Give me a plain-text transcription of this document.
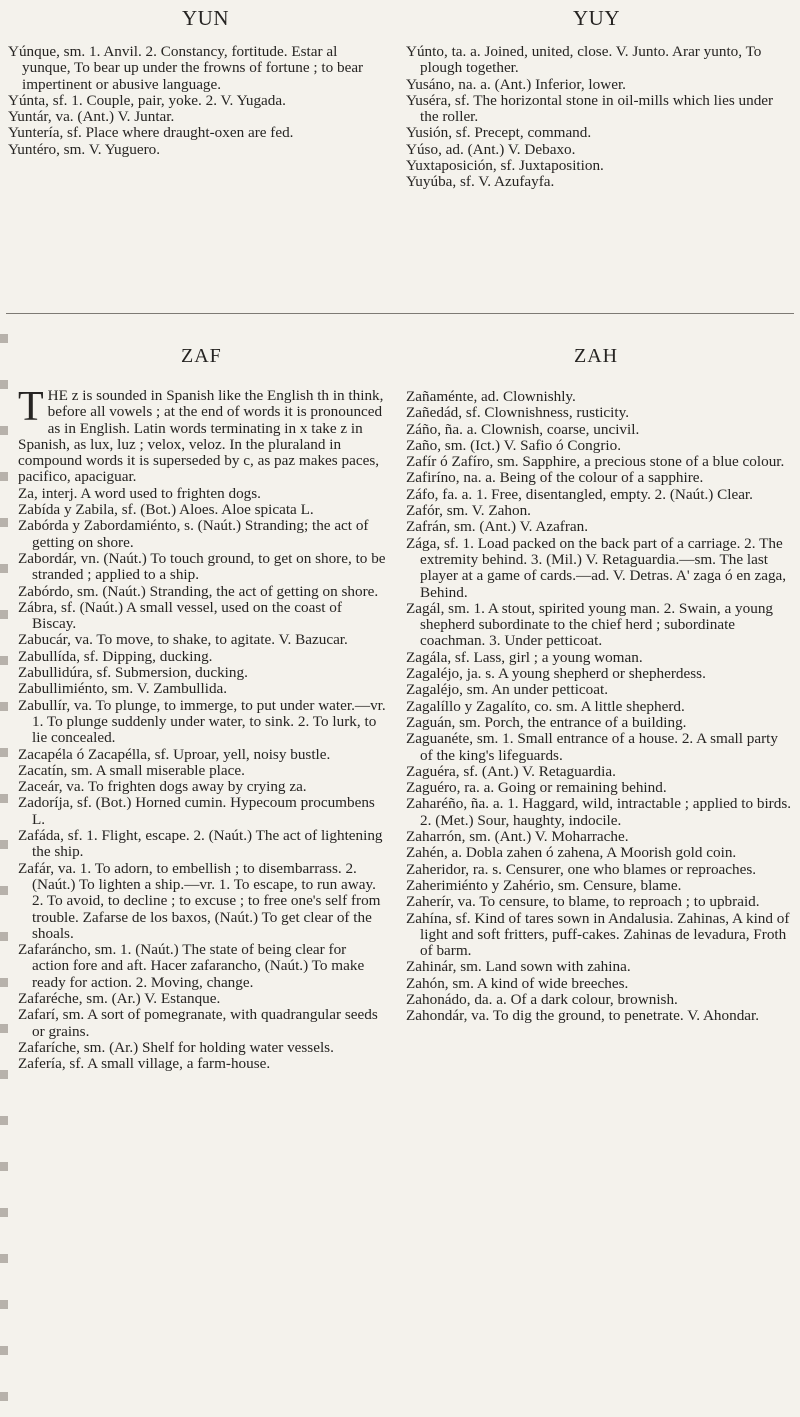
YUN	YUY

Yúnque, sm. 1. Anvil. 2. Constancy, fortitude. Estar al yunque, To bear up under the frowns of fortune ; to bear impertinent or abusive language.

Yúnta, sf. 1. Couple, pair, yoke. 2. V. Yugada.

Yuntár, va. (Ant.) V. Juntar.

Yuntería, sf. Place where draught-oxen are fed.

Yuntéro, sm. V. Yuguero.

Yúnto, ta. a. Joined, united, close. V. Junto. Arar yunto, To plough together.

Yusáno, na. a. (Ant.) Inferior, lower.

Yuséra, sf. The horizontal stone in oil-mills which lies under the roller.

Yusión, sf. Precept, command.

Yúso, ad. (Ant.) V. Debaxo.

Yuxtaposición, sf. Juxtaposition.

Yuyúba, sf. V. Azufayfa.

ZAF	ZAH

THE z is sounded in Spanish like the English th in think, before all vowels ; at the end of words it is pronounced as in English. Latin words terminating in x take z in Spanish, as lux, luz ; velox, veloz. In the pluraland in compound words it is superseded by c, as paz makes paces, pacifico, apaciguar.

Za, interj. A word used to frighten dogs.

Zabída y Zabila, sf. (Bot.) Aloes. Aloe spicata L.

Zabórda y Zabordamiénto, s. (Naút.) Stranding; the act of getting on shore.

Zabordár, vn. (Naút.) To touch ground, to get on shore, to be stranded ; applied to a ship.

Zabórdo, sm. (Naút.) Stranding, the act of getting on shore.

Zábra, sf. (Naút.) A small vessel, used on the coast of Biscay.

Zabucár, va. To move, to shake, to agitate. V. Bazucar.

Zabullída, sf. Dipping, ducking.

Zabullidúra, sf. Submersion, ducking.

Zabullimiénto, sm. V. Zambullida.

Zabullír, va. To plunge, to immerge, to put under water.—vr. 1. To plunge suddenly under water, to sink. 2. To lurk, to lie concealed.

Zacapéla ó Zacapélla, sf. Uproar, yell, noisy bustle.

Zacatín, sm. A small miserable place.

Zaceár, va. To frighten dogs away by crying za.

Zadoríja, sf. (Bot.) Horned cumin. Hypecoum procumbens L.

Zafáda, sf. 1. Flight, escape. 2. (Naút.) The act of lightening the ship.

Zafár, va. 1. To adorn, to embellish ; to disembarrass. 2. (Naút.) To lighten a ship.—vr. 1. To escape, to run away. 2. To avoid, to decline ; to excuse ; to free one's self from trouble. Zafarse de los baxos, (Naút.) To get clear of the shoals.

Zafaráncho, sm. 1. (Naút.) The state of being clear for action fore and aft. Hacer zafarancho, (Naút.) To make ready for action. 2. Moving, change.

Zafaréche, sm. (Ar.) V. Estanque.

Zafarí, sm. A sort of pomegranate, with quadrangular seeds or grains.

Zafaríche, sm. (Ar.) Shelf for holding water vessels.

Zafería, sf. A small village, a farm-house.

Zañaménte, ad. Clownishly.

Zañedád, sf. Clownishness, rusticity.

Záño, ña. a. Clownish, coarse, uncivil.

Zaño, sm. (Ict.) V. Safio ó Congrio.

Zafír ó Zafíro, sm. Sapphire, a precious stone of a blue colour.

Zafiríno, na. a. Being of the colour of a sapphire.

Záfo, fa. a. 1. Free, disentangled, empty. 2. (Naút.) Clear.

Zafór, sm. V. Zahon.

Zafrán, sm. (Ant.) V. Azafran.

Zága, sf. 1. Load packed on the back part of a carriage. 2. The extremity behind. 3. (Mil.) V. Retaguardia.—sm. The last player at a game of cards.—ad. V. Detras. A' zaga ó en zaga, Behind.

Zagál, sm. 1. A stout, spirited young man. 2. Swain, a young shepherd subordinate to the chief herd ; subordinate coachman. 3. Under petticoat.

Zagála, sf. Lass, girl ; a young woman.

Zagaléjo, ja. s. A young shepherd or shepherdess.

Zagaléjo, sm. An under petticoat.

Zagalíllo y Zagalíto, co. sm. A little shepherd.

Zaguán, sm. Porch, the entrance of a building.

Zaguanéte, sm. 1. Small entrance of a house. 2. A small party of the king's lifeguards.

Zaguéra, sf. (Ant.) V. Retaguardia.

Zaguéro, ra. a. Going or remaining behind.

Zaharéño, ña. a. 1. Haggard, wild, intractable ; applied to birds. 2. (Met.) Sour, haughty, indocile.

Zaharrón, sm. (Ant.) V. Moharrache.

Zahén, a. Dobla zahen ó zahena, A Moorish gold coin.

Zaheridor, ra. s. Censurer, one who blames or reproaches.

Zaherimiénto y Zahério, sm. Censure, blame.

Zaherír, va. To censure, to blame, to reproach ; to upbraid.

Zahína, sf. Kind of tares sown in Andalusia. Zahinas, A kind of light and soft fritters, puff-cakes. Zahinas de levadura, Froth of barm.

Zahinár, sm. Land sown with zahina.

Zahón, sm. A kind of wide breeches.

Zahonádo, da. a. Of a dark colour, brownish.

Zahondár, va. To dig the ground, to penetrate. V. Ahondar.
